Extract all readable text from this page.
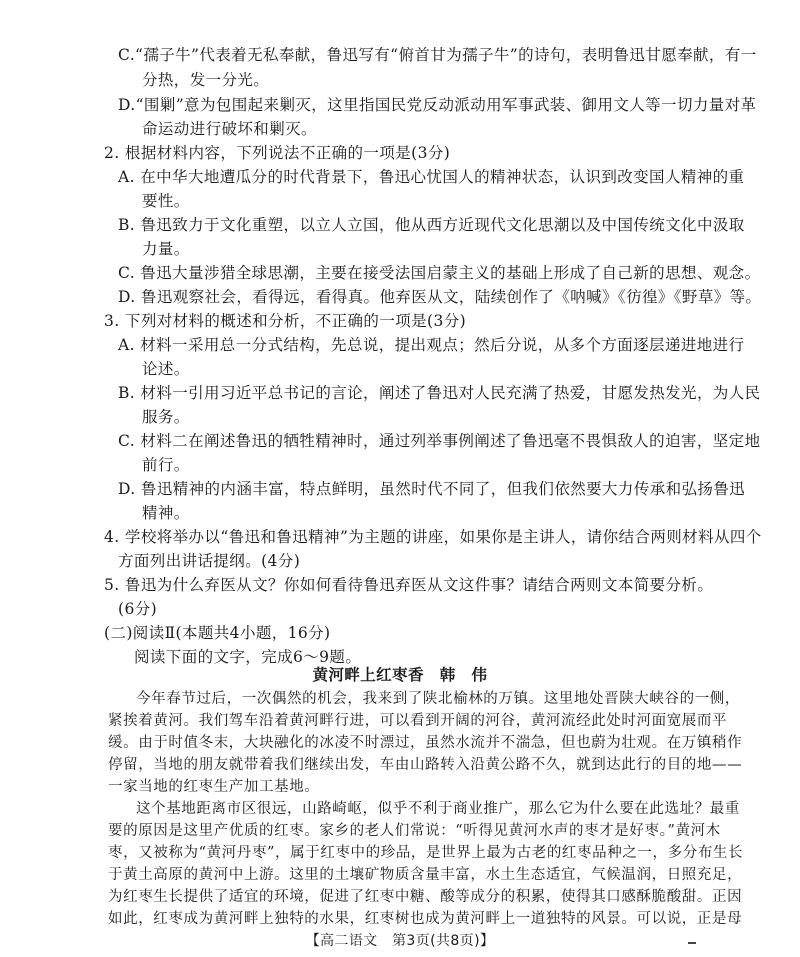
C.“孺子牛”代表着无私奉献，鲁迅写有“俯首甘为孺子牛”的诗句，表明鲁迅甘愿奉献，有一
分热，发一分光。
D.“围剿”意为包围起来剿灭，这里指国民党反动派动用军事武装、御用文人等一切力量对革
命运动进行破坏和剿灭。
2. 根据材料内容，下列说法不正确的一项是(3分)
A. 在中华大地遭瓜分的时代背景下，鲁迅心忧国人的精神状态，认识到改变国人精神的重
要性。
B. 鲁迅致力于文化重塑，以立人立国，他从西方近现代文化思潮以及中国传统文化中汲取
力量。
C. 鲁迅大量涉猎全球思潮，主要在接受法国启蒙主义的基础上形成了自己新的思想、观念。
D. 鲁迅观察社会，看得远，看得真。他弃医从文，陆续创作了《呐喊》《彷徨》《野草》等。
3. 下列对材料的概述和分析，不正确的一项是(3分)
A. 材料一采用总一分式结构，先总说，提出观点；然后分说，从多个方面逐层递进地进行
论述。
B. 材料一引用习近平总书记的言论，阐述了鲁迅对人民充满了热爱，甘愿发热发光，为人民
服务。
C. 材料二在阐述鲁迅的牺牲精神时，通过列举事例阐述了鲁迅毫不畏惧敌人的迫害，坚定地
前行。
D. 鲁迅精神的内涵丰富，特点鲜明，虽然时代不同了，但我们依然要大力传承和弘扬鲁迅
精神。
4. 学校将举办以“鲁迅和鲁迅精神”为主题的讲座，如果你是主讲人，请你结合两则材料从四个
方面列出讲话提纲。(4分)
5. 鲁迅为什么弃医从文？你如何看待鲁迅弃医从文这件事？请结合两则文本简要分析。
(6分)
(二)阅读Ⅱ(本题共4小题，16分)
阅读下面的文字，完成6～9题。
黄河畔上红枣香　韩　伟
今年春节过后，一次偶然的机会，我来到了陕北榆林的万镇。这里地处晋陕大峡谷的一侧，
紧挨着黄河。我们驾车沿着黄河畔行进，可以看到开阔的河谷，黄河流经此处时河面宽展而平
缓。由于时值冬末，大块融化的冰凌不时漂过，虽然水流并不湍急，但也蔚为壮观。在万镇稍作
停留，当地的朋友就带着我们继续出发，车由山路转入沿黄公路不久，就到达此行的目的地——
一家当地的红枣生产加工基地。
这个基地距离市区很远，山路崎岖，似乎不利于商业推广，那么它为什么要在此选址？最重
要的原因是这里产优质的红枣。家乡的老人们常说：“听得见黄河水声的枣才是好枣。”黄河木
枣，又被称为“黄河丹枣”，属于红枣中的珍品，是世界上最为古老的红枣品种之一，多分布生长
于黄土高原的黄河中上游。这里的土壤矿物质含量丰富，水土生态适宜，气候温润，日照充足，
为红枣生长提供了适宜的环境，促进了红枣中糖、酸等成分的积累，使得其口感酥脆酸甜。正因
如此，红枣成为黄河畔上独特的水果，红枣树也成为黄河畔上一道独特的风景。可以说，正是母
【高二语文　第3页(共8页)】
